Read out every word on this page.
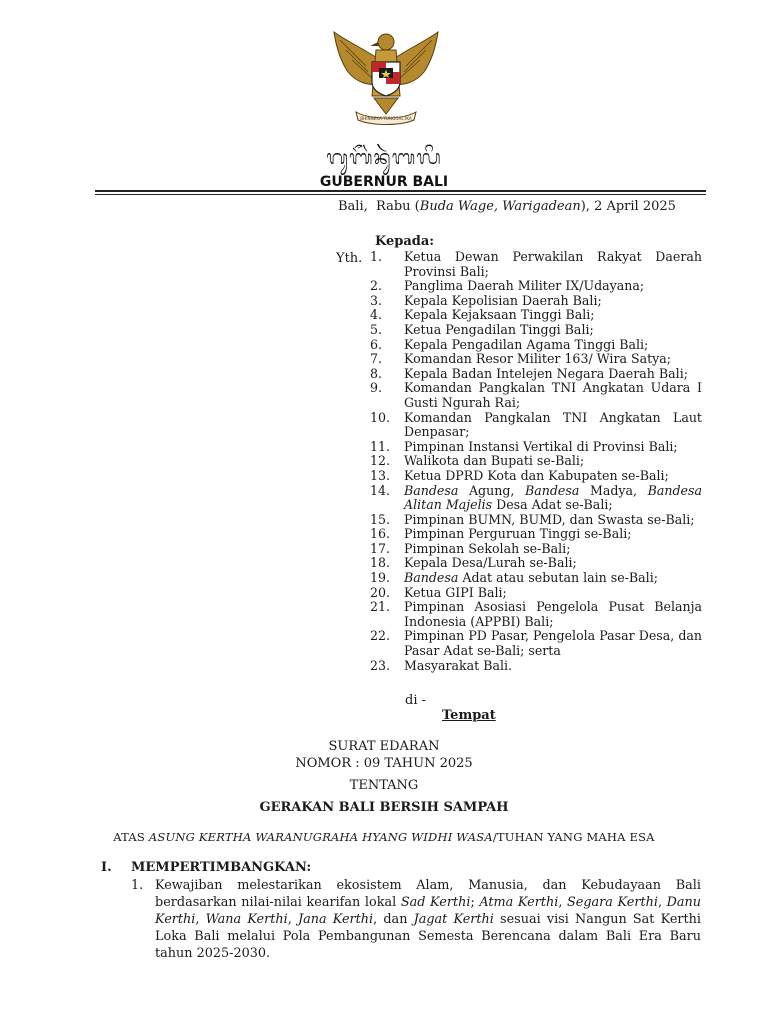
BHINNEKA TUNGGAL IKA
ᬕᬸᬩᭂᬃᬦᬸᬃᬩᬮᬶ
GUBERNUR BALI
Bali,  Rabu (Buda Wage, Warigadean), 2 April 2025
Kepada:
Yth. 1.	Ketua Dewan Perwakilan Rakyat Daerah Provinsi Bali;
2.	Panglima Daerah Militer IX/Udayana;
3.	Kepala Kepolisian Daerah Bali;
4.	Kepala Kejaksaan Tinggi Bali;
5.	Ketua Pengadilan Tinggi Bali;
6.	Kepala Pengadilan Agama Tinggi Bali;
7.	Komandan Resor Militer 163/ Wira Satya;
8.	Kepala Badan Intelejen Negara Daerah Bali;
9.	Komandan Pangkalan TNI Angkatan Udara I Gusti Ngurah Rai;
10.	Komandan Pangkalan TNI Angkatan Laut Denpasar;
11.	Pimpinan Instansi Vertikal di Provinsi Bali;
12.	Walikota dan Bupati se-Bali;
13.	Ketua DPRD Kota dan Kabupaten se-Bali;
14.	Bandesa Agung, Bandesa Madya, Bandesa Alitan Majelis Desa Adat se-Bali;
15.	Pimpinan BUMN, BUMD, dan Swasta se-Bali;
16.	Pimpinan Perguruan Tinggi se-Bali;
17.	Pimpinan Sekolah se-Bali;
18.	Kepala Desa/Lurah se-Bali;
19.	Bandesa Adat atau sebutan lain se-Bali;
20.	Ketua GIPI Bali;
21.	Pimpinan Asosiasi Pengelola Pusat Belanja Indonesia (APPBI) Bali;
22.	Pimpinan PD Pasar, Pengelola Pasar Desa, dan Pasar Adat se-Bali; serta
23.	Masyarakat Bali.
di -
Tempat
SURAT EDARAN
NOMOR : 09 TAHUN 2025
TENTANG
GERAKAN BALI BERSIH SAMPAH
ATAS ASUNG KERTHA WARANUGRAHA HYANG WIDHI WASA/TUHAN YANG MAHA ESA
I. MEMPERTIMBANGKAN:
1. Kewajiban melestarikan ekosistem Alam, Manusia, dan Kebudayaan Bali berdasarkan nilai-nilai kearifan lokal Sad Kerthi; Atma Kerthi, Segara Kerthi, Danu Kerthi, Wana Kerthi, Jana Kerthi, dan Jagat Kerthi sesuai visi Nangun Sat Kerthi Loka Bali melalui Pola Pembangunan Semesta Berencana dalam Bali Era Baru tahun 2025-2030.
